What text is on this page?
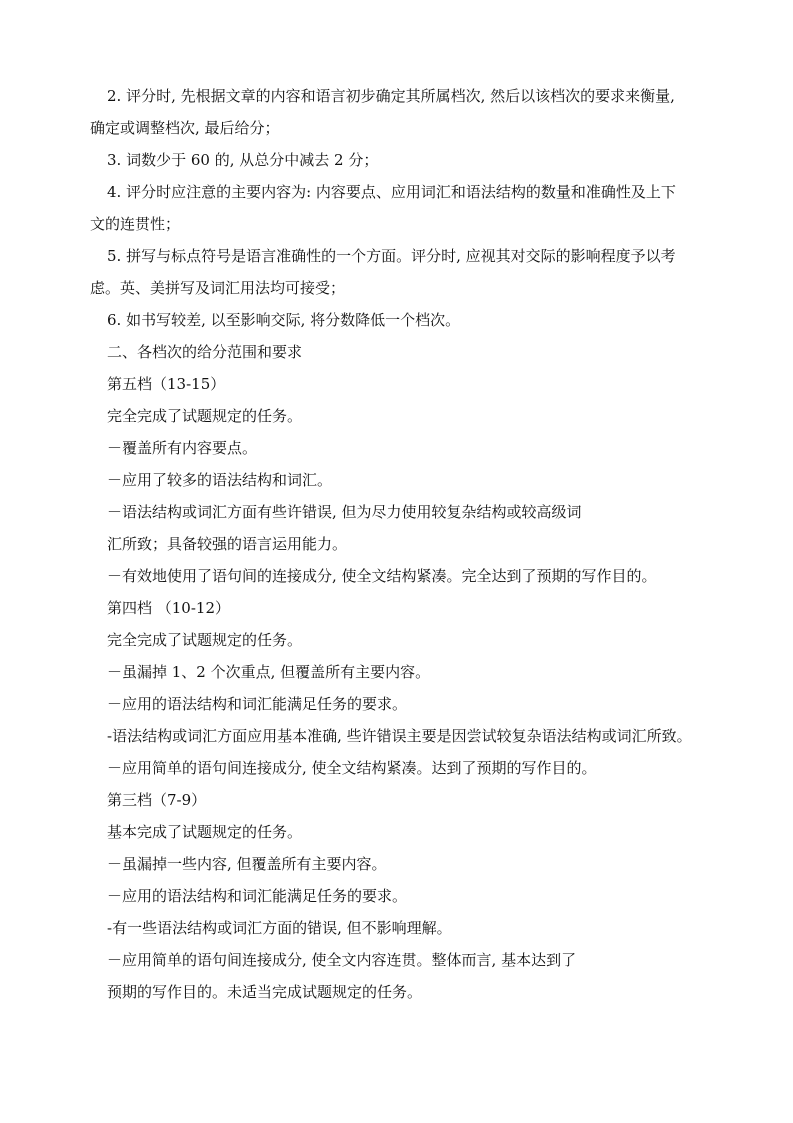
2. 评分时, 先根据文章的内容和语言初步确定其所属档次, 然后以该档次的要求来衡量,

确定或调整档次, 最后给分；

3. 词数少于 60 的, 从总分中减去 2 分；

4. 评分时应注意的主要内容为: 内容要点、应用词汇和语法结构的数量和准确性及上下

文的连贯性；

5. 拼写与标点符号是语言准确性的一个方面。评分时, 应视其对交际的影响程度予以考

虑。英、美拼写及词汇用法均可接受；

6. 如书写较差, 以至影响交际, 将分数降低一个档次。

二、各档次的给分范围和要求

第五档（13-15）

完全完成了试题规定的任务。

－覆盖所有内容要点。

－应用了较多的语法结构和词汇。

－语法结构或词汇方面有些许错误, 但为尽力使用较复杂结构或较高级词

汇所致；具备较强的语言运用能力。

－有效地使用了语句间的连接成分, 使全文结构紧凑。完全达到了预期的写作目的。

第四档 （10-12）

完全完成了试题规定的任务。

－虽漏掉 1、2 个次重点, 但覆盖所有主要内容。

－应用的语法结构和词汇能满足任务的要求。

-语法结构或词汇方面应用基本准确, 些许错误主要是因尝试较复杂语法结构或词汇所致。

－应用简单的语句间连接成分, 使全文结构紧凑。达到了预期的写作目的。

第三档（7-9）

基本完成了试题规定的任务。

－虽漏掉一些内容, 但覆盖所有主要内容。

－应用的语法结构和词汇能满足任务的要求。

-有一些语法结构或词汇方面的错误, 但不影响理解。

－应用简单的语句间连接成分, 使全文内容连贯。整体而言, 基本达到了

预期的写作目的。未适当完成试题规定的任务。
